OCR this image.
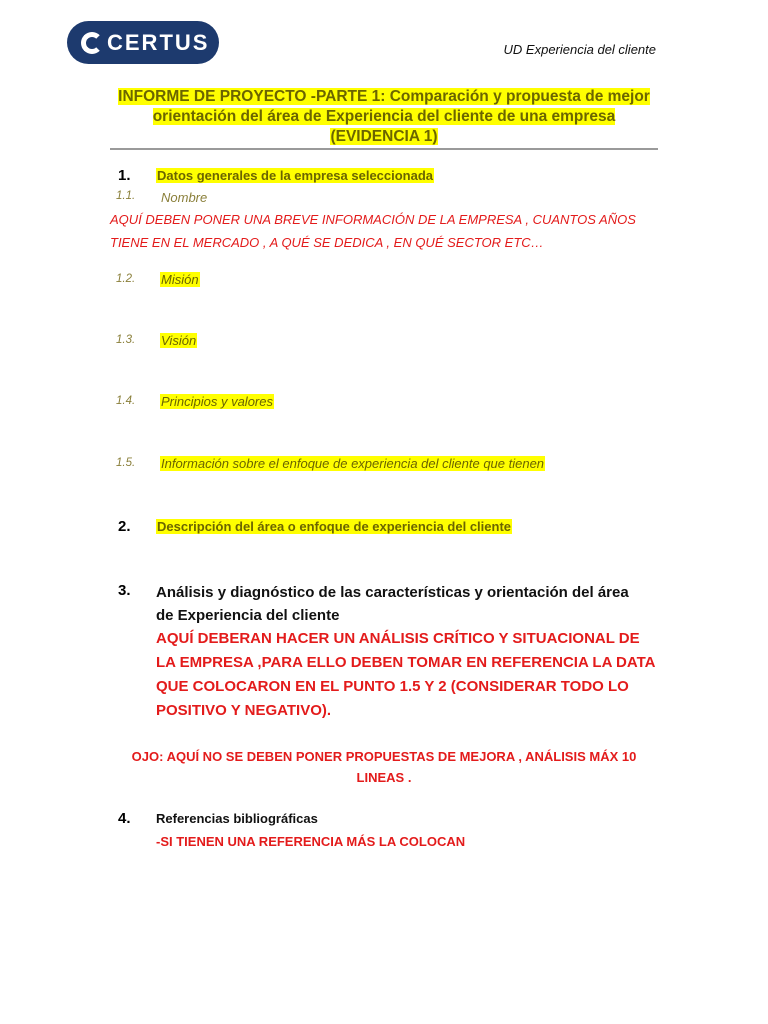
CERTUS	UD Experiencia del cliente
INFORME DE PROYECTO -PARTE 1: Comparación y propuesta de mejor
orientación del área de Experiencia del cliente de una empresa
(EVIDENCIA 1)
1. Datos generales de la empresa seleccionada
1.1. Nombre
AQUÍ DEBEN PONER UNA BREVE INFORMACIÓN DE LA EMPRESA , CUANTOS AÑOS
TIENE EN EL MERCADO , A QUÉ SE DEDICA , EN QUÉ SECTOR ETC…
1.2. Misión
1.3. Visión
1.4. Principios y valores
1.5. Información sobre el enfoque de experiencia del cliente que tienen
2. Descripción del área o enfoque de experiencia del cliente
3. Análisis y diagnóstico de las características y orientación del área
de Experiencia del cliente
AQUÍ DEBERAN HACER UN ANÁLISIS CRÍTICO Y SITUACIONAL DE
LA EMPRESA ,PARA ELLO DEBEN TOMAR EN REFERENCIA LA DATA
QUE COLOCARON EN EL PUNTO 1.5 Y 2 (CONSIDERAR TODO LO
POSITIVO Y NEGATIVO).
OJO: AQUÍ NO SE DEBEN PONER PROPUESTAS DE MEJORA , ANÁLISIS MÁX 10
LINEAS .
4. Referencias bibliográficas
-SI TIENEN UNA REFERENCIA MÁS LA COLOCAN
